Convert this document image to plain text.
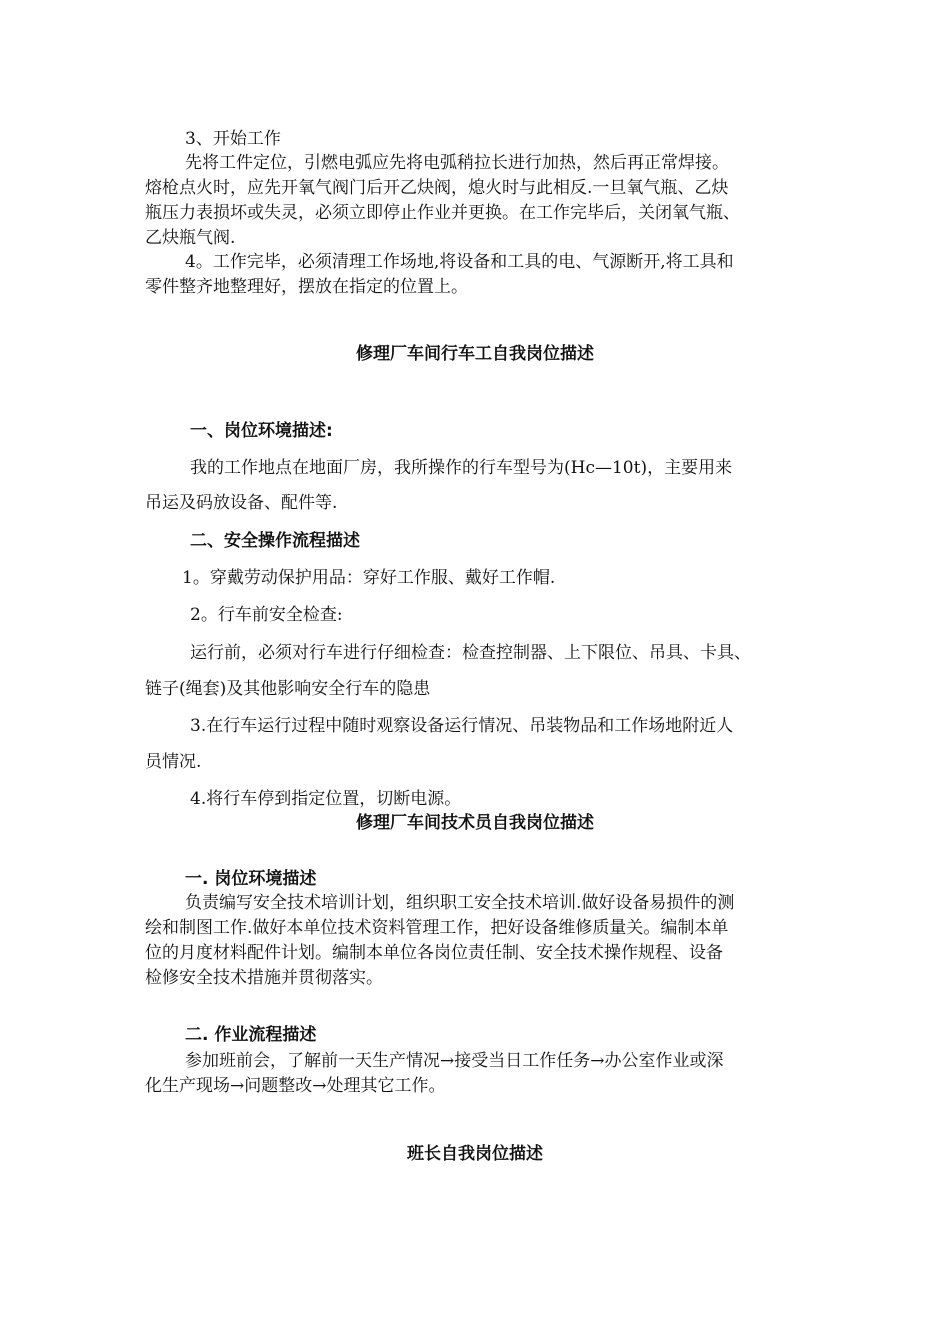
3、开始工作
先将工件定位，引燃电弧应先将电弧稍拉长进行加热，然后再正常焊接。
熔枪点火时，应先开氧气阀门后开乙炔阀，熄火时与此相反.一旦氧气瓶、乙炔
瓶压力表损坏或失灵，必须立即停止作业并更换。在工作完毕后，关闭氧气瓶、
乙炔瓶气阀.
4。工作完毕，必须清理工作场地,将设备和工具的电、气源断开,将工具和
零件整齐地整理好，摆放在指定的位置上。
修理厂车间行车工自我岗位描述
一、岗位环境描述:
我的工作地点在地面厂房，我所操作的行车型号为(Hc—10t)，主要用来
吊运及码放设备、配件等.
二、安全操作流程描述
1。穿戴劳动保护用品：穿好工作服、戴好工作帽.
2。行车前安全检查:
运行前，必须对行车进行仔细检查：检查控制器、上下限位、吊具、卡具、
链子(绳套)及其他影响安全行车的隐患
3.在行车运行过程中随时观察设备运行情况、吊装物品和工作场地附近人
员情况.
4.将行车停到指定位置，切断电源。
修理厂车间技术员自我岗位描述
一. 岗位环境描述
负责编写安全技术培训计划，组织职工安全技术培训.做好设备易损件的测
绘和制图工作.做好本单位技术资料管理工作，把好设备维修质量关。编制本单
位的月度材料配件计划。编制本单位各岗位责任制、安全技术操作规程、设备
检修安全技术措施并贯彻落实。
二. 作业流程描述
参加班前会，了解前一天生产情况→接受当日工作任务→办公室作业或深
化生产现场→问题整改→处理其它工作。
班长自我岗位描述
